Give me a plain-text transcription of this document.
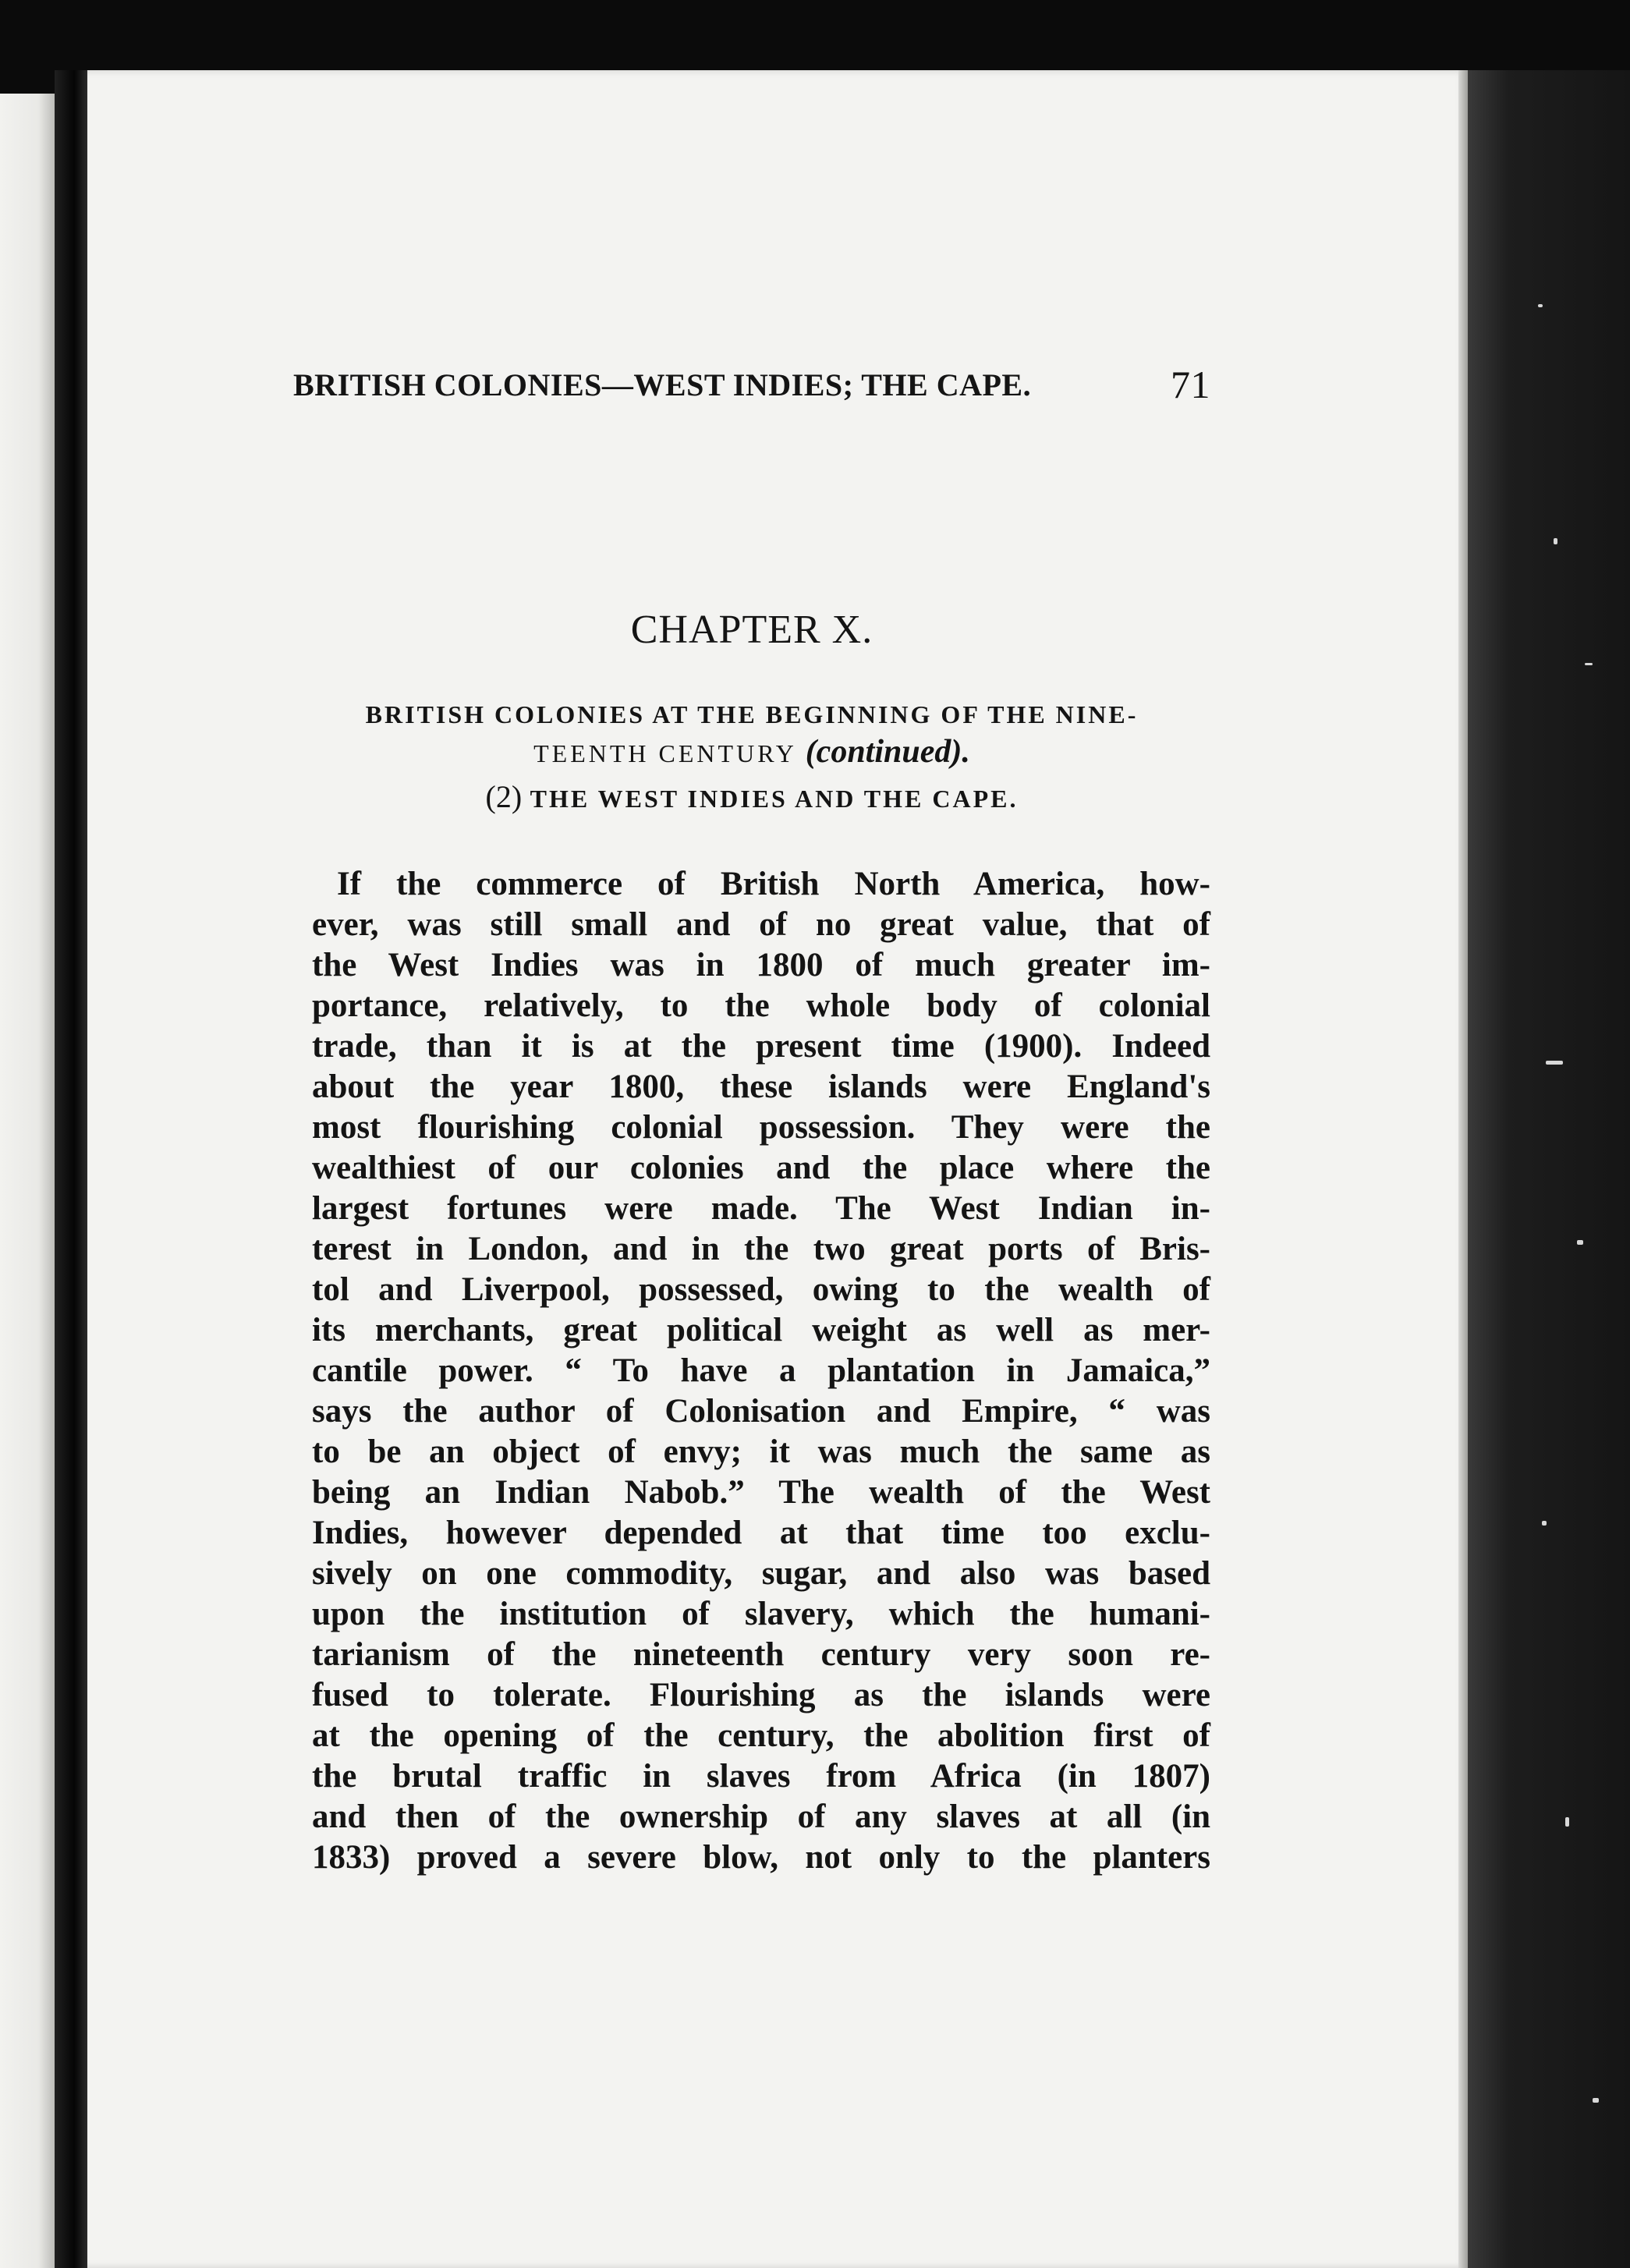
BRITISH COLONIES—WEST INDIES; THE CAPE.	71
CHAPTER X.
BRITISH COLONIES AT THE BEGINNING OF THE NINE-
TEENTH CENTURY (continued).
(2) THE WEST INDIES AND THE CAPE.
If the commerce of British North America, how-
ever, was still small and of no great value, that of
the West Indies was in 1800 of much greater im-
portance, relatively, to the whole body of colonial
trade, than it is at the present time (1900). Indeed
about the year 1800, these islands were England's
most flourishing colonial possession. They were the
wealthiest of our colonies and the place where the
largest fortunes were made. The West Indian in-
terest in London, and in the two great ports of Bris-
tol and Liverpool, possessed, owing to the wealth of
its merchants, great political weight as well as mer-
cantile power. “ To have a plantation in Jamaica,”
says the author of Colonisation and Empire, “ was
to be an object of envy; it was much the same as
being an Indian Nabob.” The wealth of the West
Indies, however depended at that time too exclu-
sively on one commodity, sugar, and also was based
upon the institution of slavery, which the humani-
tarianism of the nineteenth century very soon re-
fused to tolerate. Flourishing as the islands were
at the opening of the century, the abolition first of
the brutal traffic in slaves from Africa (in 1807)
and then of the ownership of any slaves at all (in
1833) proved a severe blow, not only to the planters
